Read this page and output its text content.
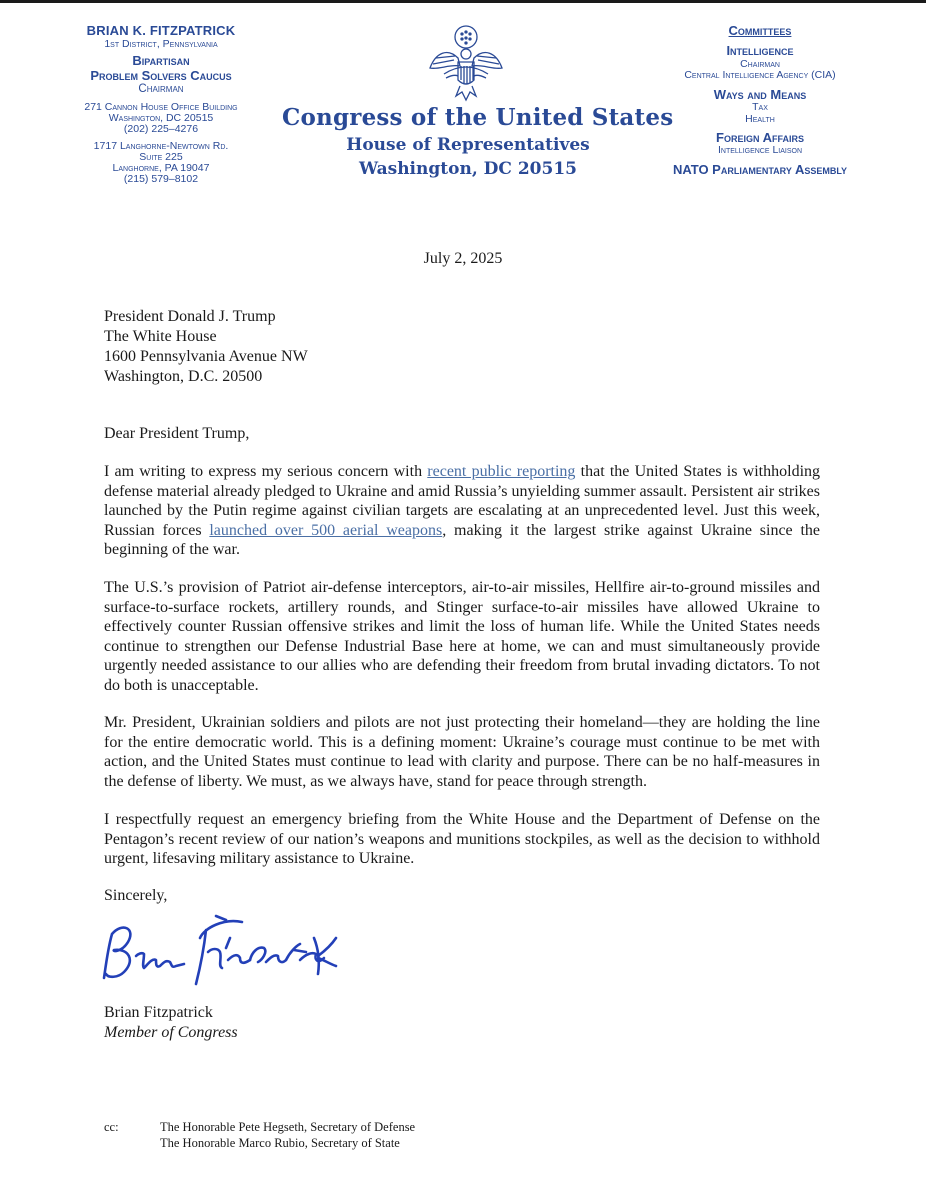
BRIAN K. FITZPATRICK
1st District, Pennsylvania
Bipartisan
Problem Solvers Caucus
Chairman
271 Cannon House Office Building
Washington, DC 20515
(202) 225–4276
1717 Langhorne-Newtown Rd.
Suite 225
Langhorne, PA 19047
(215) 579–8102
Congress of the United States
House of Representatives
Washington, DC 20515
Committees
Intelligence
Chairman
Central Intelligence Agency (CIA)
Ways and Means
Tax
Health
Foreign Affairs
Intelligence Liaison
NATO Parliamentary Assembly
July 2, 2025
President Donald J. Trump
The White House
1600 Pennsylvania Avenue NW
Washington, D.C. 20500
Dear President Trump,

I am writing to express my serious concern with recent public reporting that the United States is withholding defense material already pledged to Ukraine and amid Russia’s unyielding summer assault. Persistent air strikes launched by the Putin regime against civilian targets are escalating at an unprecedented level. Just this week, Russian forces launched over 500 aerial weapons, making it the largest strike against Ukraine since the beginning of the war.

The U.S.’s provision of Patriot air-defense interceptors, air-to-air missiles, Hellfire air-to-ground missiles and surface-to-surface rockets, artillery rounds, and Stinger surface-to-air missiles have allowed Ukraine to effectively counter Russian offensive strikes and limit the loss of human life. While the United States needs continue to strengthen our Defense Industrial Base here at home, we can and must simultaneously provide urgently needed assistance to our allies who are defending their freedom from brutal invading dictators. To not do both is unacceptable.

Mr. President, Ukrainian soldiers and pilots are not just protecting their homeland—they are holding the line for the entire democratic world. This is a defining moment: Ukraine’s courage must continue to be met with action, and the United States must continue to lead with clarity and purpose. There can be no half-measures in the defense of liberty. We must, as we always have, stand for peace through strength.

I respectfully request an emergency briefing from the White House and the Department of Defense on the Pentagon’s recent review of our nation’s weapons and munitions stockpiles, as well as the decision to withhold urgent, lifesaving military assistance to Ukraine.

Sincerely,
Brian Fitzpatrick
Member of Congress
cc:	The Honorable Pete Hegseth, Secretary of Defense
The Honorable Marco Rubio, Secretary of State
